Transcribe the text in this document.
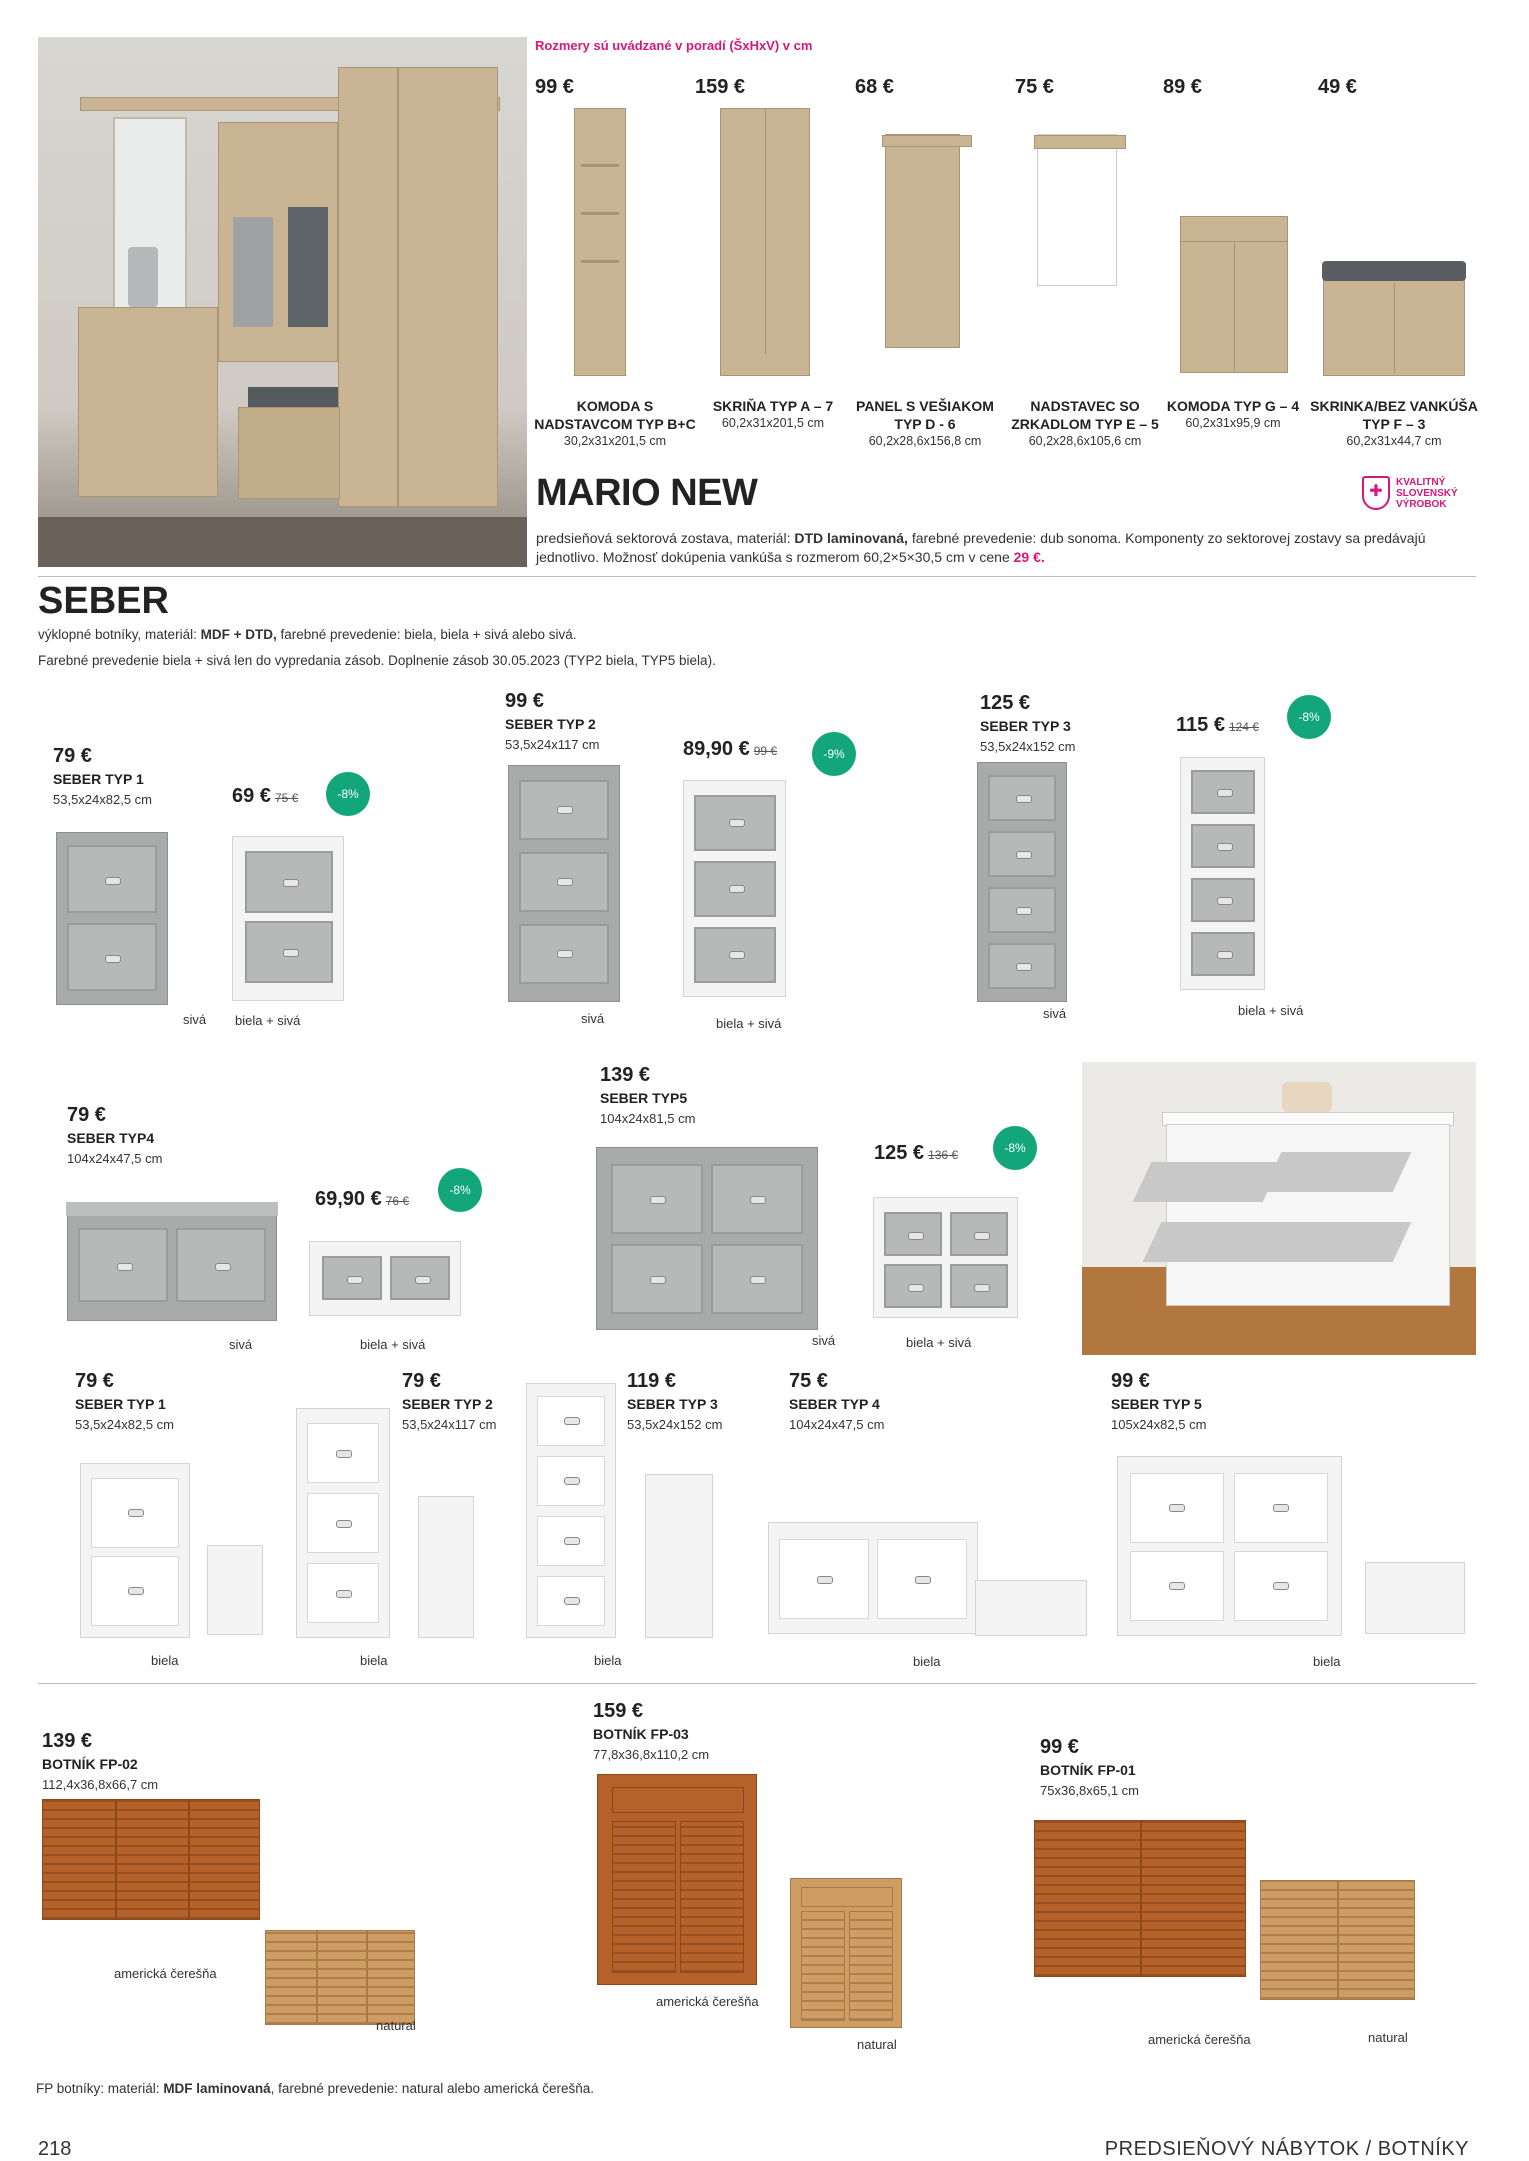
Rozmery sú uvádzané v poradí (ŠxHxV) v cm
99 €	159 €	68 €	75 €	89 €	49 €
KOMODA S NADSTAVCOM TYP B+C
30,2x31x201,5 cm
SKRIŇA TYP A – 7
60,2x31x201,5 cm
PANEL S VEŠIAKOM TYP D - 6
60,2x28,6x156,8 cm
NADSTAVEC SO ZRKADLOM TYP E – 5
60,2x28,6x105,6 cm
KOMODA TYP G – 4
60,2x31x95,9 cm
SKRINKA/BEZ VANKÚŠA TYP F – 3
60,2x31x44,7 cm
MARIO NEW	✚
KVALITNÝ SLOVENSKÝ VÝROBOK
predsieňová sektorová zostava, materiál: DTD laminovaná, farebné prevedenie: dub sonoma. Komponenty zo sektorovej zostavy sa predávajú jednotlivo. Možnosť dokúpenia vankúša s rozmerom 60,2×5×30,5 cm v cene 29 €.
SEBER
výklopné botníky, materiál: MDF + DTD, farebné prevedenie: biela, biela + sivá alebo sivá.
Farebné prevedenie biela + sivá len do vypredania zásob. Doplnenie zásob 30.05.2023 (TYP2 biela, TYP5 biela).
79 €
SEBER TYP 1
53,5x24x82,5 cm	69 € 75 €	-8%
sivá biela + sivá
99 €
SEBER TYP 2
53,5x24x117 cm	89,90 € 99 €	-9%
sivá	biela + sivá
125 €
SEBER TYP 3
53,5x24x152 cm
115 € 124 €
-8%
sivá	biela + sivá
79 €
SEBER TYP4
104x24x47,5 cm
69,90 € 76 €
-8%
sivá	biela + sivá
139 €
SEBER TYP5
104x24x81,5 cm
125 € 136 €	-8%
sivá	biela + sivá
79 €
SEBER TYP 1
53,5x24x82,5 cm
biela
79 €
SEBER TYP 2
53,5x24x117 cm
biela
119 €
SEBER TYP 3
53,5x24x152 cm
biela
75 €
SEBER TYP 4
104x24x47,5 cm
biela
99 €
SEBER TYP 5
105x24x82,5 cm
biela
139 €
BOTNÍK FP-02
112,4x36,8x66,7 cm
americká čerešňa
natural
159 €
BOTNÍK FP-03
77,8x36,8x110,2 cm
americká čerešňa
natural
99 €
BOTNÍK FP-01
75x36,8x65,1 cm
americká čerešňa	natural
FP botníky: materiál: MDF laminovaná, farebné prevedenie: natural alebo americká čerešňa.
218	PREDSIEŇOVÝ NÁBYTOK / BOTNÍKY
